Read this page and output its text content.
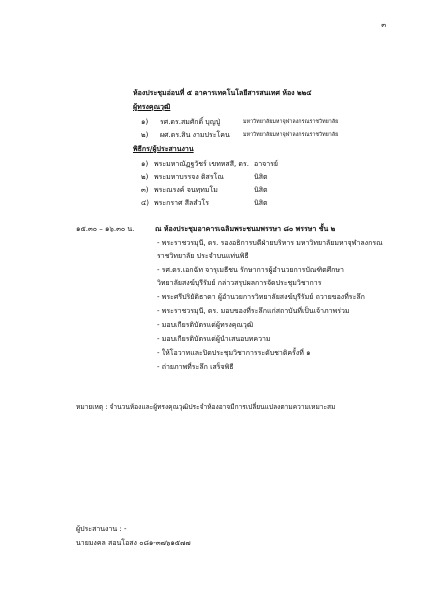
๓
ห้องประชุมอ่อนที่ ๕ อาคารเทคโนโลยีสารสนเทศ ห้อง ๒๒๔
ผู้ทรงคุณวุฒิ
๑) รศ.ดร.สมศักดิ์ บุญปู่	มหาวิทยาลัยมหาจุฬาลงกรณราชวิทยาลัย
๒) ผศ.ดร.สิน งามประโคน มหาวิทยาลัยมหาจุฬาลงกรณราชวิทยาลัย
พิธีกร/ผู้ประสานงาน
๑) พระมหาณัฏฐวัชร์ เขทหสสี, ดร. อาจารย์
๒) พระมหาบรรจง ติสรโณ	นิสิต
๓) พระณรงค์ จนทฺทมโม	นิสิต
๔) พระกราศ สีลสํวโร	นิสิต
๑๕.๓๐ – ๑๖.๓๐ น.	ณ ห้องประชุมอาคารเฉลิมพระชนมพรรษา ๘๐ พรรษา ชั้น ๒
- พระราชวรมุนี, ดร. รองอธิการบดีฝ่ายบริหาร มหาวิทยาลัยมหาจุฬาลงกรณ
ราชวิทยาลัย ประจำบนแท่นพิธี
- รศ.ดร.เอกฉัท จารุเมธีชน รักษาการผู้อำนวยการบัณฑิตศึกษา
วิทยาลัยสงฆ์บุรีรัมย์ กล่าวสรุปผลการจัดประชุมวิชาการ
- พระศรีปริยัติธาดา ผู้อำนวยการวิทยาลัยสงฆ์บุรีรัมย์ ถวายของที่ระลึก
- พระราชวรมุนี, ดร. มอบของที่ระลึกแก่สถาบันที่เป็นเจ้าภาพร่วม
- มอบเกียรติบัตรแด่ผู้ทรงคุณวุฒิ
- มอบเกียรติบัตรแด่ผู้นำเสนอบทความ
- ให้โอวาทและปิดประชุมวิชาการระดับชาติครั้งที่ ๑
- ถ่ายภาพที่ระลึก เสร็จพิธี
หมายเหตุ : จำนวนห้องและผู้ทรงคุณวุฒิประจำห้องอาจมีการเปลี่ยนแปลงตามความเหมาะสม
ผู้ประสานงาน : -
นายมงคล สอนโอสง ๐๘๑-๓๗๖๑๕๗๗
